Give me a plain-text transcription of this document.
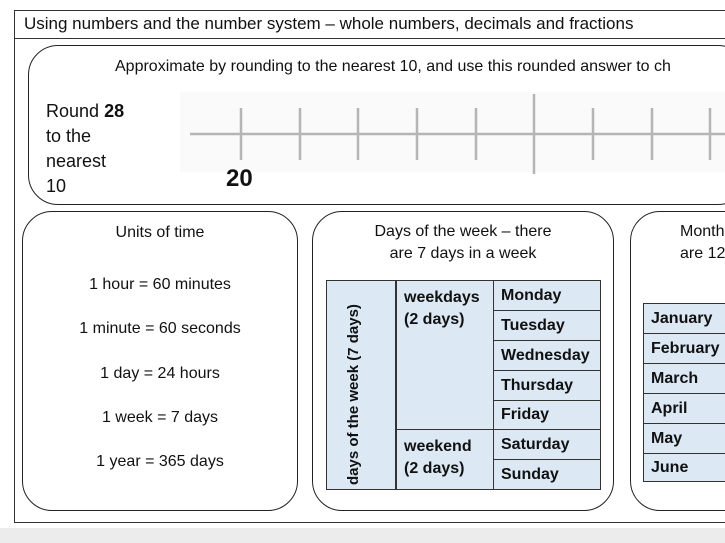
Using numbers and the number system – whole numbers, decimals and fractions
Approximate by rounding to the nearest 10, and use this rounded answer to ch
Round 28
to the
nearest
10	20
Units of time
1 hour = 60 minutes
1 minute = 60 seconds
1 day = 24 hours
1 week = 7 days
1 year = 365 days
Days of the week – there
are 7 days in a week
days of the week (7 days)
weekdays
(2 days)
weekend
(2 days)
Monday
Tuesday
Wednesday
Thursday
Friday
Saturday
Sunday
Month
are 12
January
February
March
April
May
June
